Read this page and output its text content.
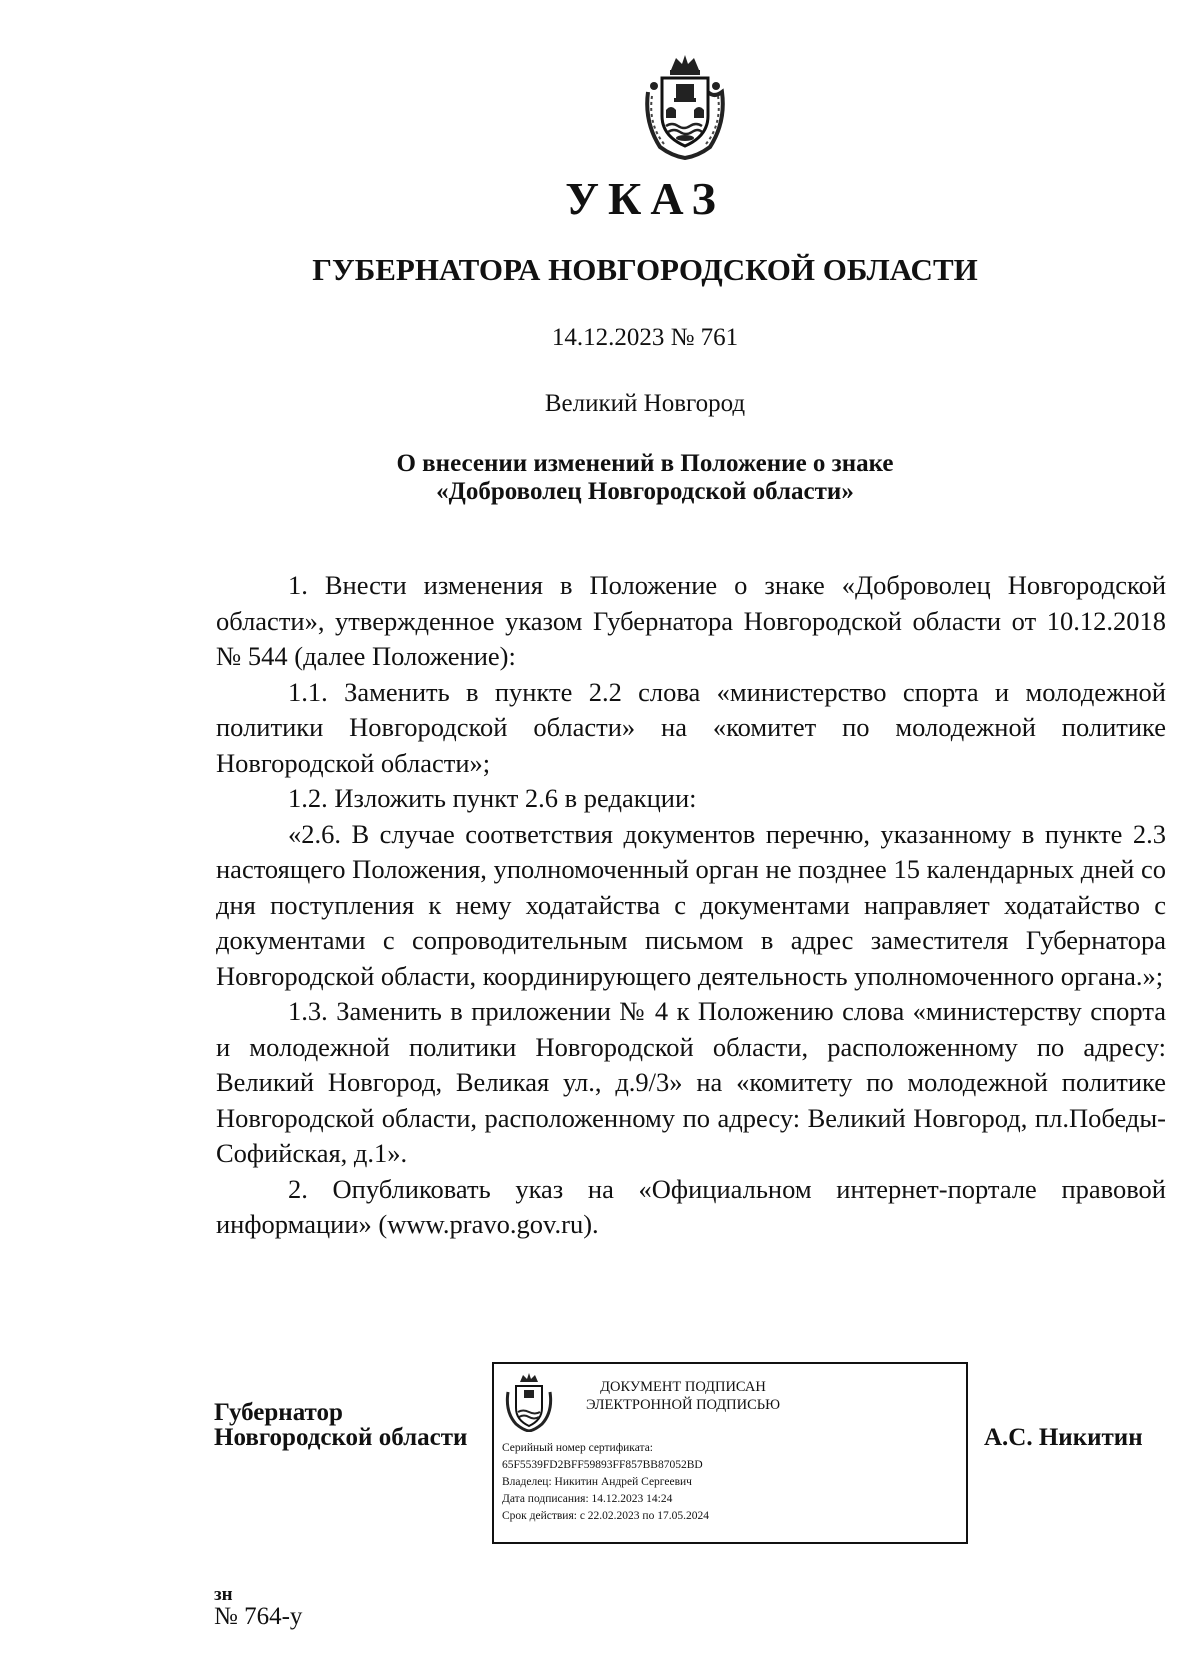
УКАЗ
ГУБЕРНАТОРА НОВГОРОДСКОЙ ОБЛАСТИ
14.12.2023 № 761
Великий Новгород
О внесении изменений в Положение о знаке
«Доброволец Новгородской области»

1. Внести изменения в Положение о знаке «Доброволец Новгородской области», утвержденное указом Губернатора Новгородской области от 10.12.2018 № 544 (далее Положение):

1.1. Заменить в пункте 2.2 слова «министерство спорта и молодежной политики Новгородской области» на «комитет по молодежной политике Новгородской области»;

1.2. Изложить пункт 2.6 в редакции:

«2.6. В случае соответствия документов перечню, указанному в пункте 2.3 настоящего Положения, уполномоченный орган не позднее 15 календарных дней со дня поступления к нему ходатайства с документами направляет ходатайство с документами с сопроводительным письмом в адрес заместителя Губернатора Новгородской области, координирующего деятельность уполномоченного органа.»;

1.3. Заменить в приложении № 4 к Положению слова «министерству спорта и молодежной политики Новгородской области, расположенному по адресу: Великий Новгород, Великая ул., д.9/3» на «комитету по молодежной политике Новгородской области, расположенному по адресу: Великий Новгород, пл.Победы-Софийская, д.1».

2. Опубликовать указ на «Официальном интернет-портале правовой информации» (www.pravo.gov.ru).

Губернатор
Новгородской области
ДОКУМЕНТ ПОДПИСАН
ЭЛЕКТРОННОЙ ПОДПИСЬЮ
Серийный номер сертификата:
65F5539FD2BFF59893FF857BB87052BD
Владелец: Никитин Андрей Сергеевич
Дата подписания: 14.12.2023 14:24
Срок действия: с 22.02.2023 по 17.05.2024
А.С. Никитин
зн
№ 764-у
